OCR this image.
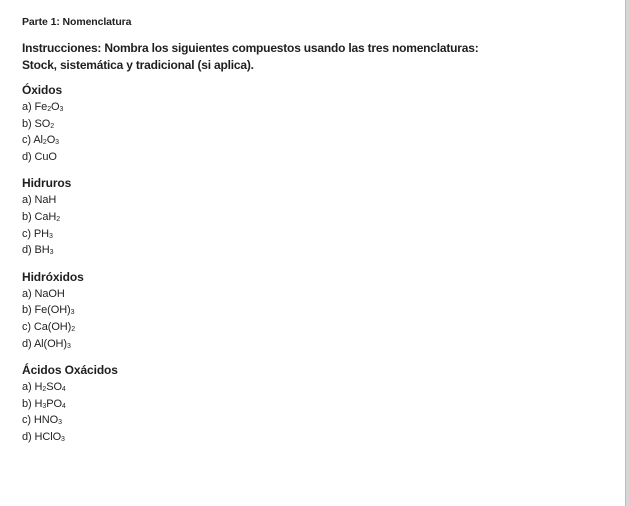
Parte 1: Nomenclatura
Instrucciones: Nombra los siguientes compuestos usando las tres nomenclaturas:
Stock, sistemática y tradicional (si aplica).
Óxidos
a) $Fe_2O_3$
b) $SO_2$
c) $Al_2O_3$
d) CuO
Hidruros
a) NaH
b) CaH$_2$
c) $PH_3$
d) $BH_3$
Hidróxidos
a) NaOH
b) $Fe(OH)_3$
c) $Ca(OH)_2$
d) $Al(OH)_3$
Ácidos Oxácidos
a) $H_2SO_4$
b) $H_3PO_4$
c) $HNO_3$
d) HClO$_3$
